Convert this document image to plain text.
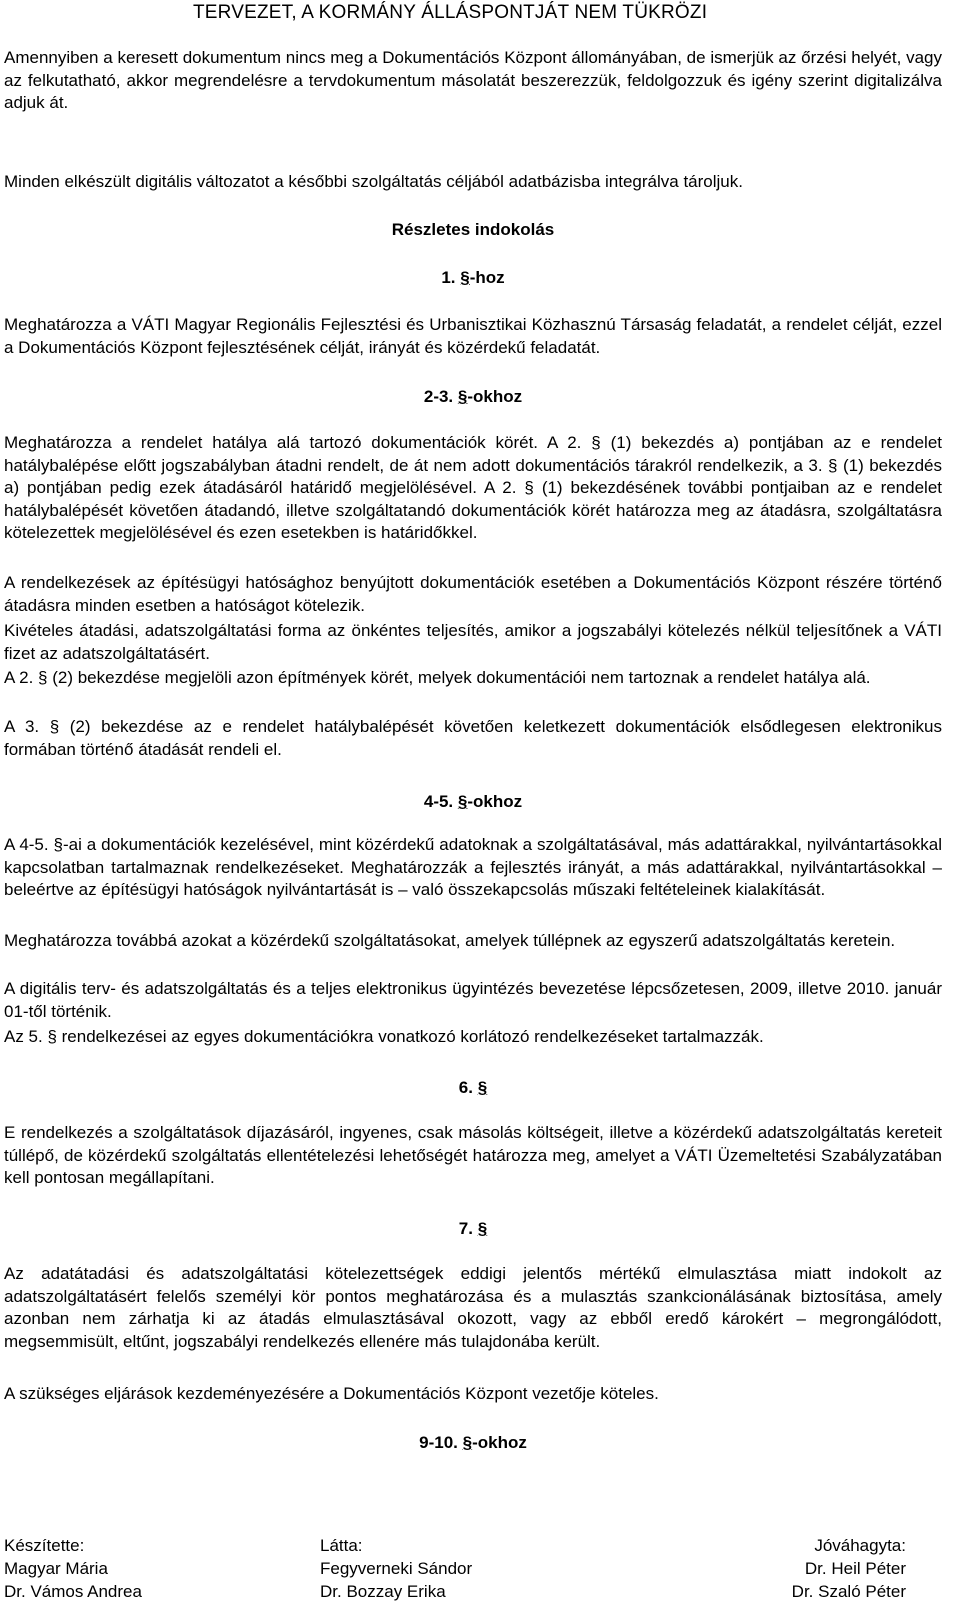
TERVEZET, A KORMÁNY ÁLLÁSPONTJÁT NEM TÜKRÖZI

Amennyiben a keresett dokumentum nincs meg a Dokumentációs Központ állományában, de ismerjük az őrzési helyét, vagy az felkutatható, akkor megrendelésre a tervdokumentum másolatát beszerezzük, feldolgozzuk és igény szerint digitalizálva adjuk át.

Minden elkészült digitális változatot a későbbi szolgáltatás céljából adatbázisba integrálva tároljuk.

Részletes indokolás
1. §-hoz

Meghatározza a VÁTI Magyar Regionális Fejlesztési és Urbanisztikai Közhasznú Társaság feladatát, a rendelet célját, ezzel a Dokumentációs Központ fejlesztésének célját, irányát és közérdekű feladatát.

2-3. §-okhoz

Meghatározza a rendelet hatálya alá tartozó dokumentációk körét. A 2. § (1) bekezdés a) pontjában az e rendelet hatálybalépése előtt jogszabályban átadni rendelt, de át nem adott dokumentációs tárakról rendelkezik, a 3. § (1) bekezdés a) pontjában pedig ezek átadásáról határidő megjelölésével. A 2. § (1) bekezdésének további pontjaiban az e rendelet hatálybalépését követően átadandó, illetve szolgáltatandó dokumentációk körét határozza meg az átadásra, szolgáltatásra kötelezettek megjelölésével és ezen esetekben is határidőkkel.

A rendelkezések az építésügyi hatósághoz benyújtott dokumentációk esetében a Dokumentációs Központ részére történő átadásra minden esetben a hatóságot kötelezik.

Kivételes átadási, adatszolgáltatási forma az önkéntes teljesítés, amikor a jogszabályi kötelezés nélkül teljesítőnek a VÁTI fizet az adatszolgáltatásért.

A 2. § (2) bekezdése megjelöli azon építmények körét, melyek dokumentációi nem tartoznak a rendelet hatálya alá.

A 3. § (2) bekezdése az e rendelet hatálybalépését követően keletkezett dokumentációk elsődlegesen elektronikus formában történő átadását rendeli el.

4-5. §-okhoz

A 4-5. §-ai a dokumentációk kezelésével, mint közérdekű adatoknak a szolgáltatásával, más adattárakkal, nyilvántartásokkal kapcsolatban tartalmaznak rendelkezéseket. Meghatározzák a fejlesztés irányát, a más adattárakkal, nyilvántartásokkal – beleértve az építésügyi hatóságok nyilvántartását is – való összekapcsolás műszaki feltételeinek kialakítását.

Meghatározza továbbá azokat a közérdekű szolgáltatásokat, amelyek túllépnek az egyszerű adatszolgáltatás keretein.

A digitális terv- és adatszolgáltatás és a teljes elektronikus ügyintézés bevezetése lépcsőzetesen, 2009, illetve 2010. január 01-től történik.

Az 5. § rendelkezései az egyes dokumentációkra vonatkozó korlátozó rendelkezéseket tartalmazzák.

6. §

E rendelkezés a szolgáltatások díjazásáról, ingyenes, csak másolás költségeit, illetve a közérdekű adatszolgáltatás kereteit túllépő, de közérdekű szolgáltatás ellentételezési lehetőségét határozza meg, amelyet a VÁTI Üzemeltetési Szabályzatában kell pontosan megállapítani.

7. §

Az adatátadási és adatszolgáltatási kötelezettségek eddigi jelentős mértékű elmulasztása miatt indokolt az adatszolgáltatásért felelős személyi kör pontos meghatározása és a mulasztás szankcionálásának biztosítása, amely azonban nem zárhatja ki az átadás elmulasztásával okozott, vagy az ebből eredő károkért – megrongálódott, megsemmisült, eltűnt, jogszabályi rendelkezés ellenére más tulajdonába került.

A szükséges eljárások kezdeményezésére a Dokumentációs Központ vezetője köteles.

9-10. §-okhoz
Készítette:	Látta:	Jóváhagyta:
Magyar Mária	Fegyverneki Sándor	Dr. Heil Péter
Dr. Vámos Andrea	Dr. Bozzay Erika	Dr. Szaló Péter
